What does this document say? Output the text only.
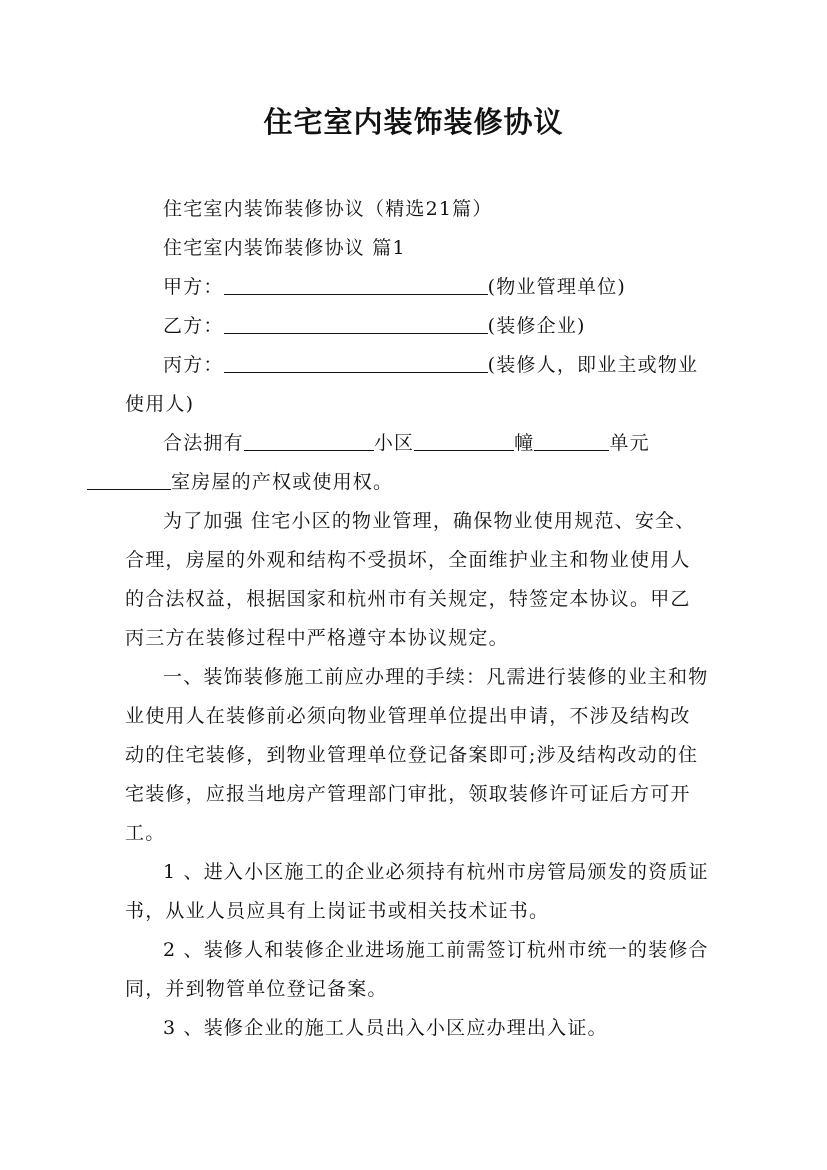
住宅室内装饰装修协议

住宅室内装饰装修协议（精选21篇）

住宅室内装饰装修协议 篇1

甲方：	(物业管理单位)

乙方：	(装修企业)

丙方：	(装修人，即业主或物业使用人)

合法拥有	小区	幢	单元
室房屋的产权或使用权。

为了加强 住宅小区的物业管理，确保物业使用规范、安全、合理，房屋的外观和结构不受损坏，全面维护业主和物业使用人的合法权益，根据国家和杭州市有关规定，特签定本协议。甲乙丙三方在装修过程中严格遵守本协议规定。

一、装饰装修施工前应办理的手续：凡需进行装修的业主和物业使用人在装修前必须向物业管理单位提出申请，不涉及结构改动的住宅装修，到物业管理单位登记备案即可;涉及结构改动的住宅装修，应报当地房产管理部门审批，领取装修许可证后方可开工。

1 、进入小区施工的企业必须持有杭州市房管局颁发的资质证书，从业人员应具有上岗证书或相关技术证书。

2 、装修人和装修企业进场施工前需签订杭州市统一的装修合同，并到物管单位登记备案。

3 、装修企业的施工人员出入小区应办理出入证。
